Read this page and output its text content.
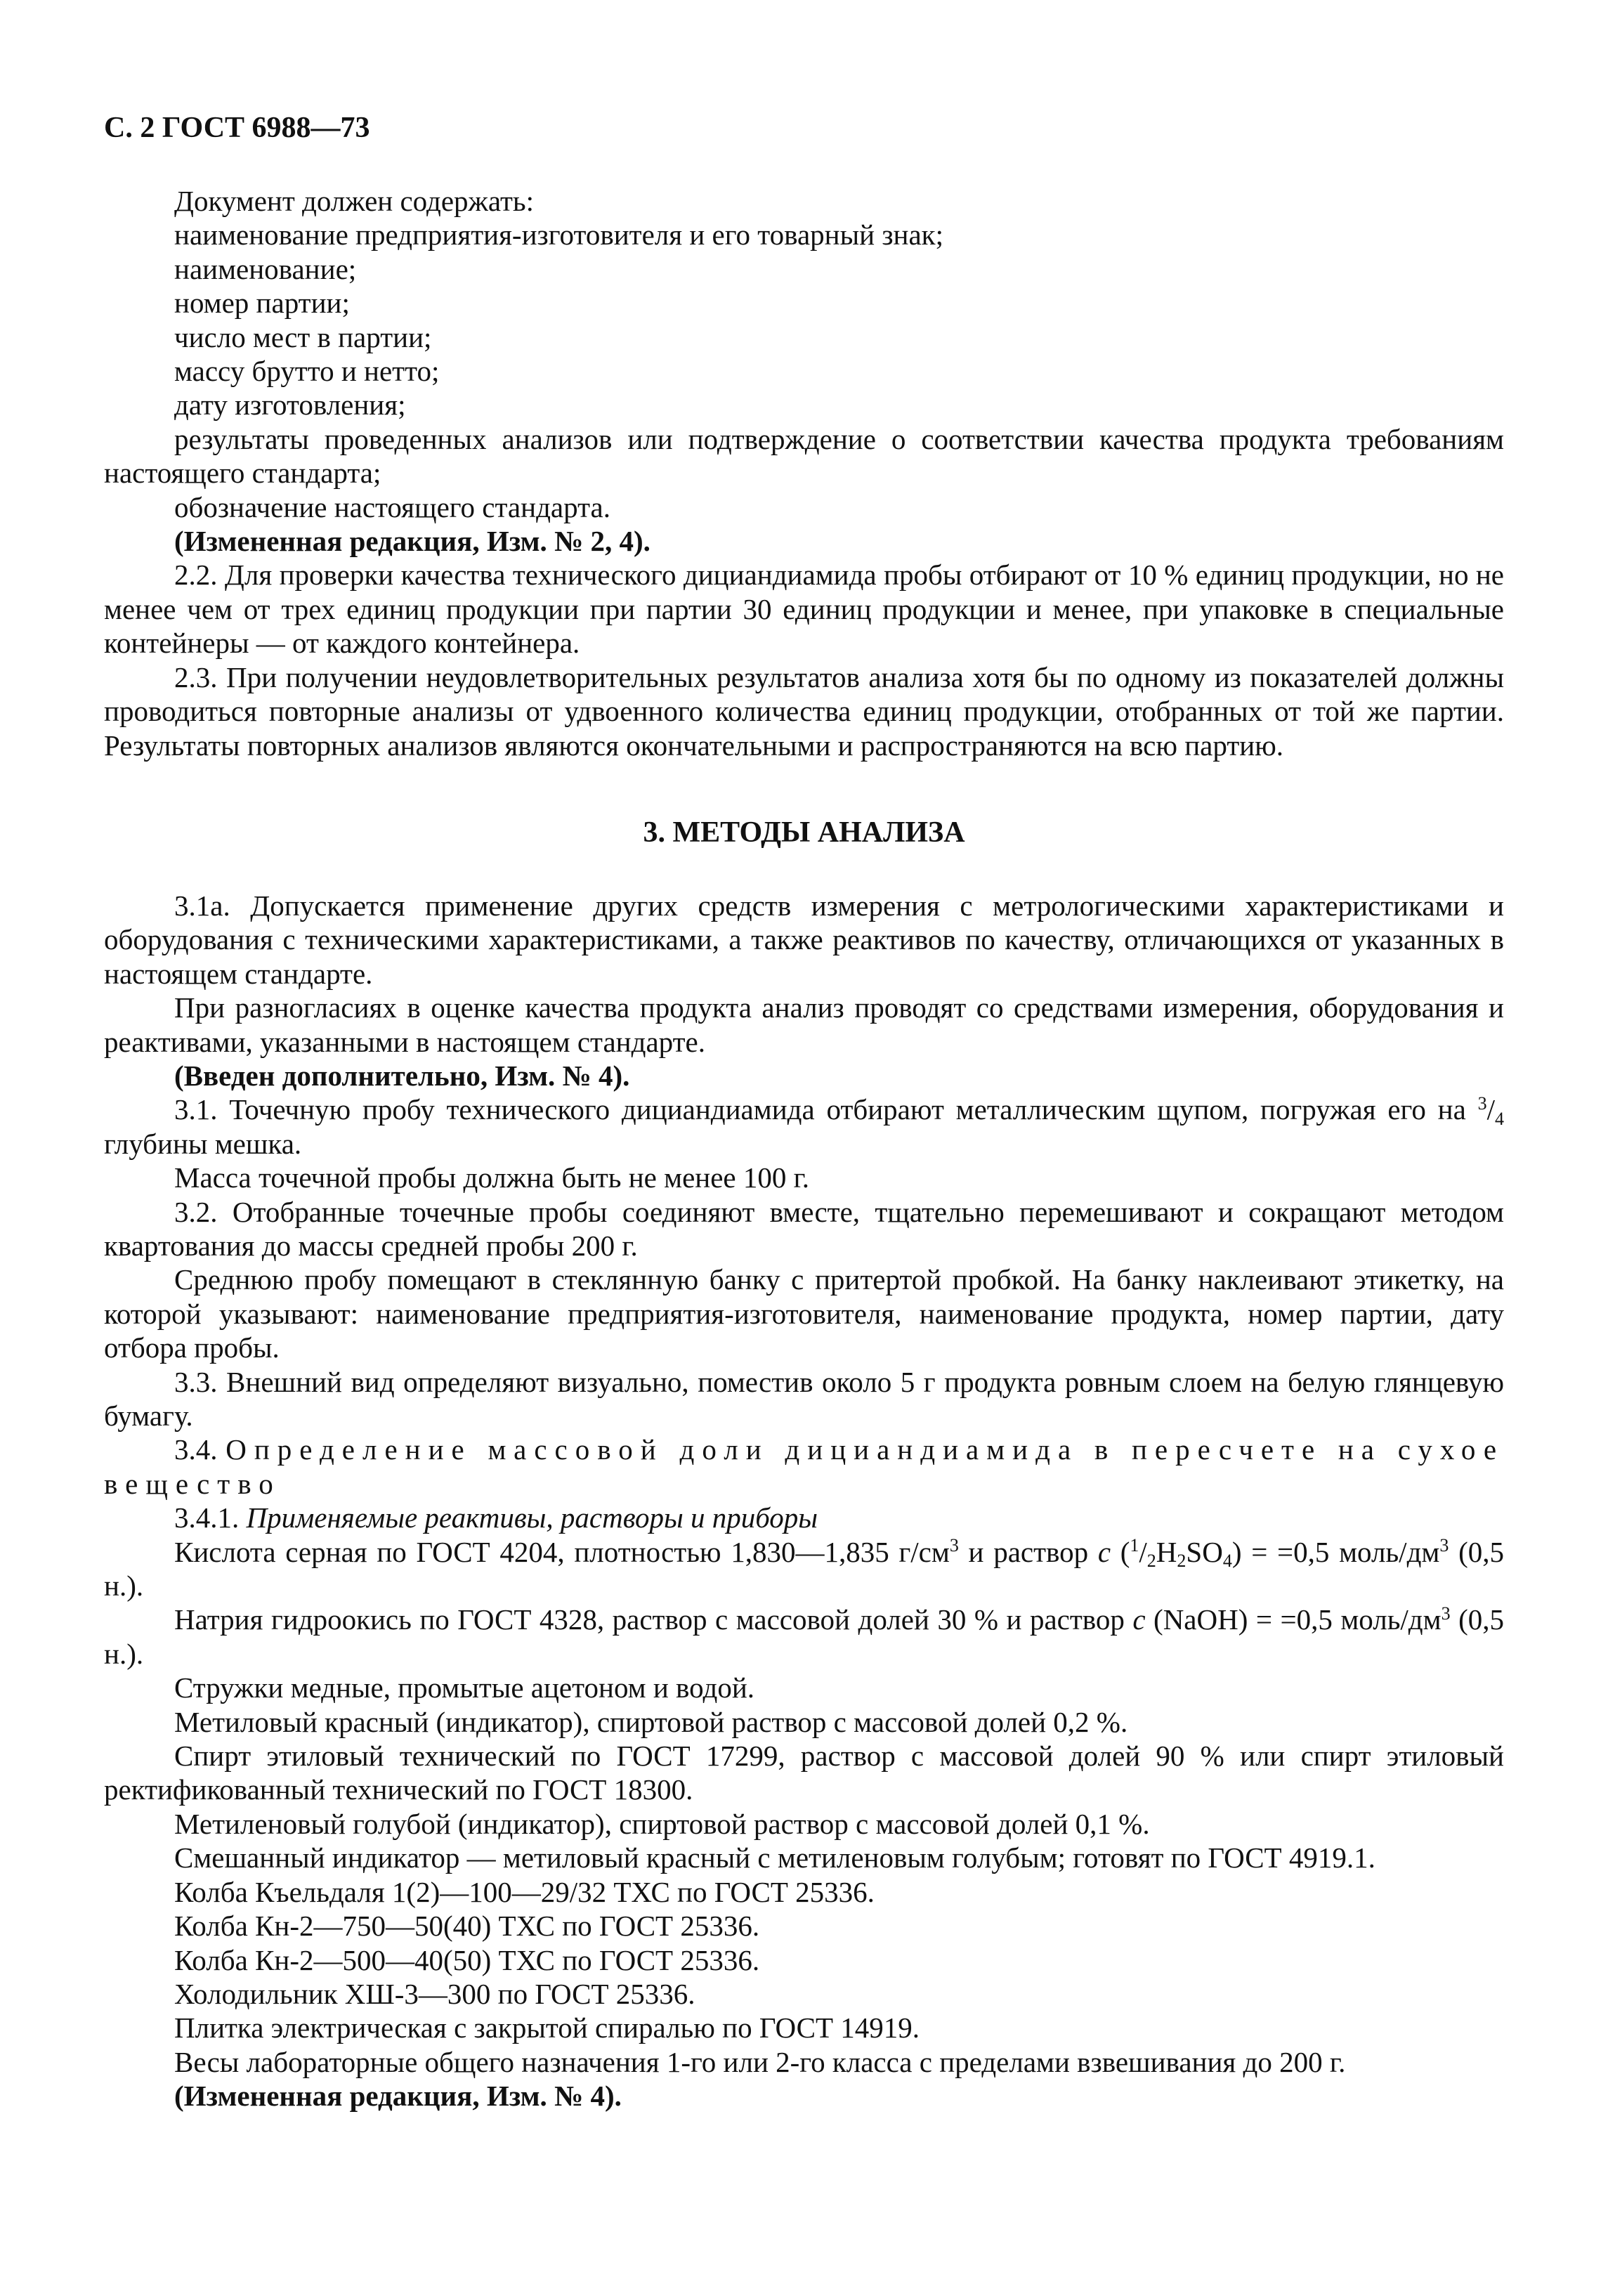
С. 2 ГОСТ 6988—73

Документ должен содержать:

наименование предприятия-изготовителя и его товарный знак;

наименование;

номер партии;

число мест в партии;

массу брутто и нетто;

дату изготовления;

результаты проведенных анализов или подтверждение о соответствии качества продукта требованиям настоящего стандарта;

обозначение настоящего стандарта.

(Измененная редакция, Изм. № 2, 4).

2.2. Для проверки качества технического дициандиамида пробы отбирают от 10 % единиц продукции, но не менее чем от трех единиц продукции при партии 30 единиц продукции и менее, при упаковке в специальные контейнеры — от каждого контейнера.

2.3. При получении неудовлетворительных результатов анализа хотя бы по одному из показателей должны проводиться повторные анализы от удвоенного количества единиц продукции, отобранных от той же партии. Результаты повторных анализов являются окончательными и распространяются на всю партию.

3. МЕТОДЫ АНАЛИЗА

3.1а. Допускается применение других средств измерения с метрологическими характеристиками и оборудования с техническими характеристиками, а также реактивов по качеству, отличающихся от указанных в настоящем стандарте.

При разногласиях в оценке качества продукта анализ проводят со средствами измерения, оборудования и реактивами, указанными в настоящем стандарте.

(Введен дополнительно, Изм. № 4).

3.1. Точечную пробу технического дициандиамида отбирают металлическим щупом, погружая его на $^3/_4$ глубины мешка.

Масса точечной пробы должна быть не менее 100 г.

3.2. Отобранные точечные пробы соединяют вместе, тщательно перемешивают и сокращают методом квартования до массы средней пробы 200 г.

Среднюю пробу помещают в стеклянную банку с притертой пробкой. На банку наклеивают этикетку, на которой указывают: наименование предприятия-изготовителя, наименование продукта, номер партии, дату отбора пробы.

3.3. Внешний вид определяют визуально, поместив около 5 г продукта ровным слоем на белую глянцевую бумагу.

3.4. Определение массовой доли дициандиамида в пересчете на сухое вещество

3.4.1. Применяемые реактивы, растворы и приборы

Кислота серная по ГОСТ 4204, плотностью 1,830—1,835 $г/см^3$ и раствор c $(^1/_2H_2SO_4) = =0,5$ моль/$дм^3$ (0,5 н.).

Натрия гидроокись по ГОСТ 4328, раствор с массовой долей 30 % и раствор c (NaOH) = =0,5 моль/$дм^3$ (0,5 н.).

Стружки медные, промытые ацетоном и водой.

Метиловый красный (индикатор), спиртовой раствор с массовой долей 0,2 %.

Спирт этиловый технический по ГОСТ 17299, раствор с массовой долей 90 % или спирт этиловый ректификованный технический по ГОСТ 18300.

Метиленовый голубой (индикатор), спиртовой раствор с массовой долей 0,1 %.

Смешанный индикатор — метиловый красный с метиленовым голубым; готовят по ГОСТ 4919.1.

Колба Къельдаля 1(2)—100—29/32 ТХС по ГОСТ 25336.

Колба Кн-2—750—50(40) ТХС по ГОСТ 25336.

Колба Кн-2—500—40(50) ТХС по ГОСТ 25336.

Холодильник ХШ-3—300 по ГОСТ 25336.

Плитка электрическая с закрытой спиралью по ГОСТ 14919.

Весы лабораторные общего назначения 1-го или 2-го класса с пределами взвешивания до 200 г.

(Измененная редакция, Изм. № 4).
